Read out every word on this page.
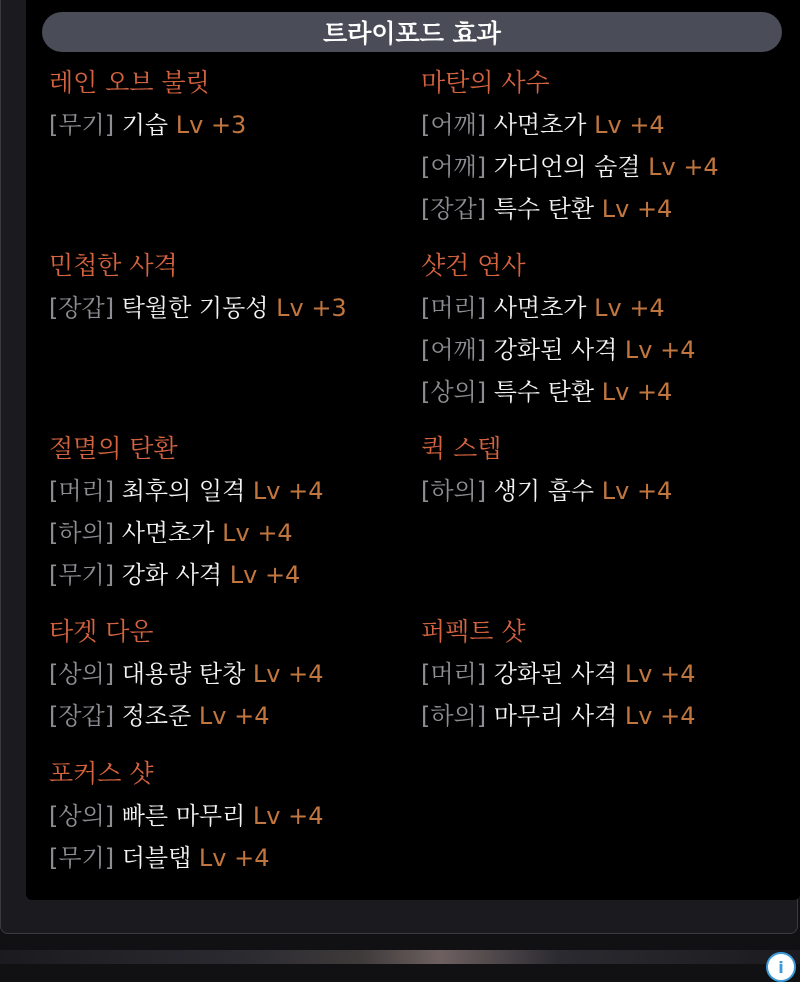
트라이포드 효과
레인 오브 불릿
[무기] 기습 Lv +3
민첩한 사격
[장갑] 탁월한 기동성 Lv +3
절멸의 탄환
[머리] 최후의 일격 Lv +4
[하의] 사면초가 Lv +4
[무기] 강화 사격 Lv +4
타겟 다운
[상의] 대용량 탄창 Lv +4
[장갑] 정조준 Lv +4
포커스 샷
[상의] 빠른 마무리 Lv +4
[무기] 더블탭 Lv +4
마탄의 사수
[어깨] 사면초가 Lv +4
[어깨] 가디언의 숨결 Lv +4
[장갑] 특수 탄환 Lv +4
샷건 연사
[머리] 사면초가 Lv +4
[어깨] 강화된 사격 Lv +4
[상의] 특수 탄환 Lv +4
퀵 스텝
[하의] 생기 흡수 Lv +4
퍼펙트 샷
[머리] 강화된 사격 Lv +4
[하의] 마무리 사격 Lv +4
i
